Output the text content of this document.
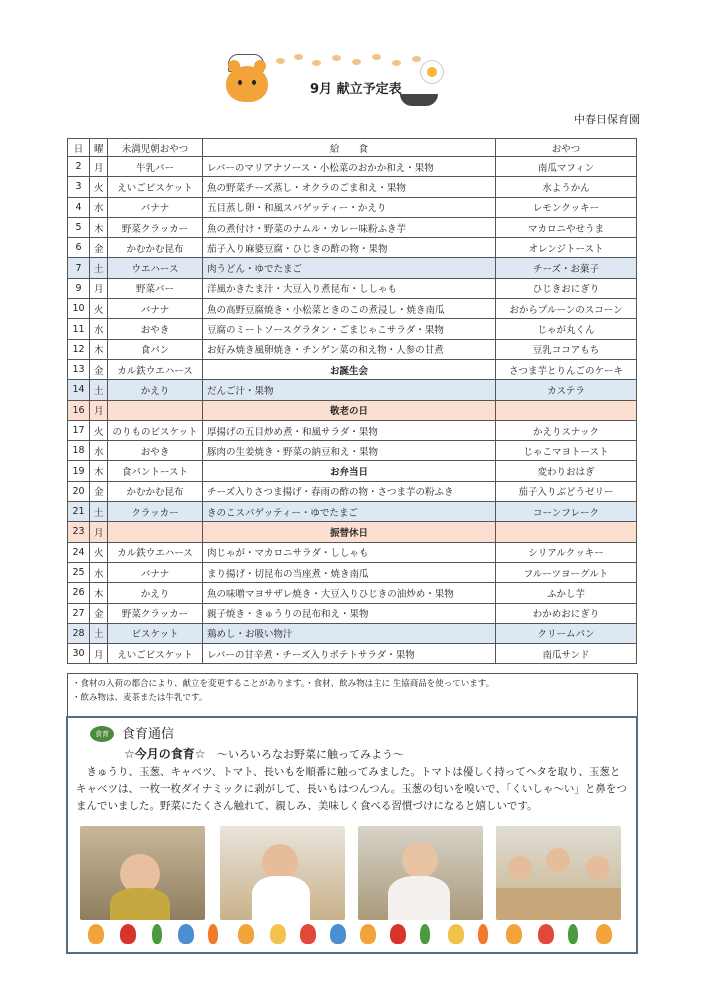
9月 献立予定表
中春日保育園
日	曜	未満児朝おやつ	給　　食	おやつ
2	月	牛乳バー	レバーのマリアナソース・小松菜のおかか和え・果物	南瓜マフィン
3	火	えいごビスケット	魚の野菜チーズ蒸し・オクラのごま和え・果物	水ようかん
4	水	バナナ	五目蒸し卵・和風スパゲッティー・かえり	レモンクッキー
5	木	野菜クラッカー	魚の煮付け・野菜のナムル・カレー味粉ふき芋	マカロニやせうま
6	金	かむかむ昆布	茄子入り麻婆豆腐・ひじきの酢の物・果物	オレンジトースト
7	土	ウエハース	肉うどん・ゆでたまご	チーズ・お菓子
9	月	野菜バー	洋風かきたま汁・大豆入り煮昆布・ししゃも	ひじきおにぎり
10	火	バナナ	魚の高野豆腐焼き・小松菜ときのこの煮浸し・焼き南瓜	おからプルーンのスコーン
11	水	おやき	豆腐のミートソースグラタン・ごまじゃこサラダ・果物	じゃが丸くん
12	木	食パン	お好み焼き風卵焼き・チンゲン菜の和え物・人参の甘煮	豆乳ココアもち
13	金	カル鉄ウエハース	お誕生会	さつま芋とりんごのケーキ
14	土	かえり	だんご汁・果物	カステラ
16	月		敬老の日	
17	火	のりものビスケット	厚揚げの五目炒め煮・和風サラダ・果物	かえりスナック
18	水	おやき	豚肉の生姜焼き・野菜の納豆和え・果物	じゃこマヨトースト
19	木	食パントースト	お弁当日	変わりおはぎ
20	金	かむかむ昆布	チーズ入りさつま揚げ・春雨の酢の物・さつま芋の粉ふき	茄子入りぶどうゼリー
21	土	クラッカー	きのこスパゲッティー・ゆでたまご	コーンフレーク
23	月		振替休日	
24	火	カル鉄ウエハース	肉じゃが・マカロニサラダ・ししゃも	シリアルクッキー
25	水	バナナ	まり揚げ・切昆布の当座煮・焼き南瓜	フルーツヨーグルト
26	木	かえり	魚の味噌マヨサザレ焼き・大豆入りひじきの油炒め・果物	ふかし芋
27	金	野菜クラッカー	親子焼き・きゅうりの昆布和え・果物	わかめおにぎり
28	土	ビスケット	鶏めし・お吸い物汁	クリームパン
30	月	えいごビスケット	レバーの甘辛煮・チーズ入りポテトサラダ・果物	南瓜サンド
・食材の入荷の都合により、献立を変更することがあります。・食材、飲み物は主に 生協商品を使っています。
・飲み物は、麦茶または牛乳です。
食育	食育通信
☆今月の食育☆ ～いろいろなお野菜に触ってみよう～
　きゅうり、玉葱、キャベツ、トマト、長いもを順番に触ってみました。トマトは優しく持ってヘタを取り、玉葱とキャベツは、一枚一枚ダイナミックに剥がして、長いもはつんつん。玉葱の匂いを嗅いで、「くいしゃ～い」と鼻をつまんでいました。野菜にたくさん触れて、親しみ、美味しく食べる習慣づけになると嬉しいです。
